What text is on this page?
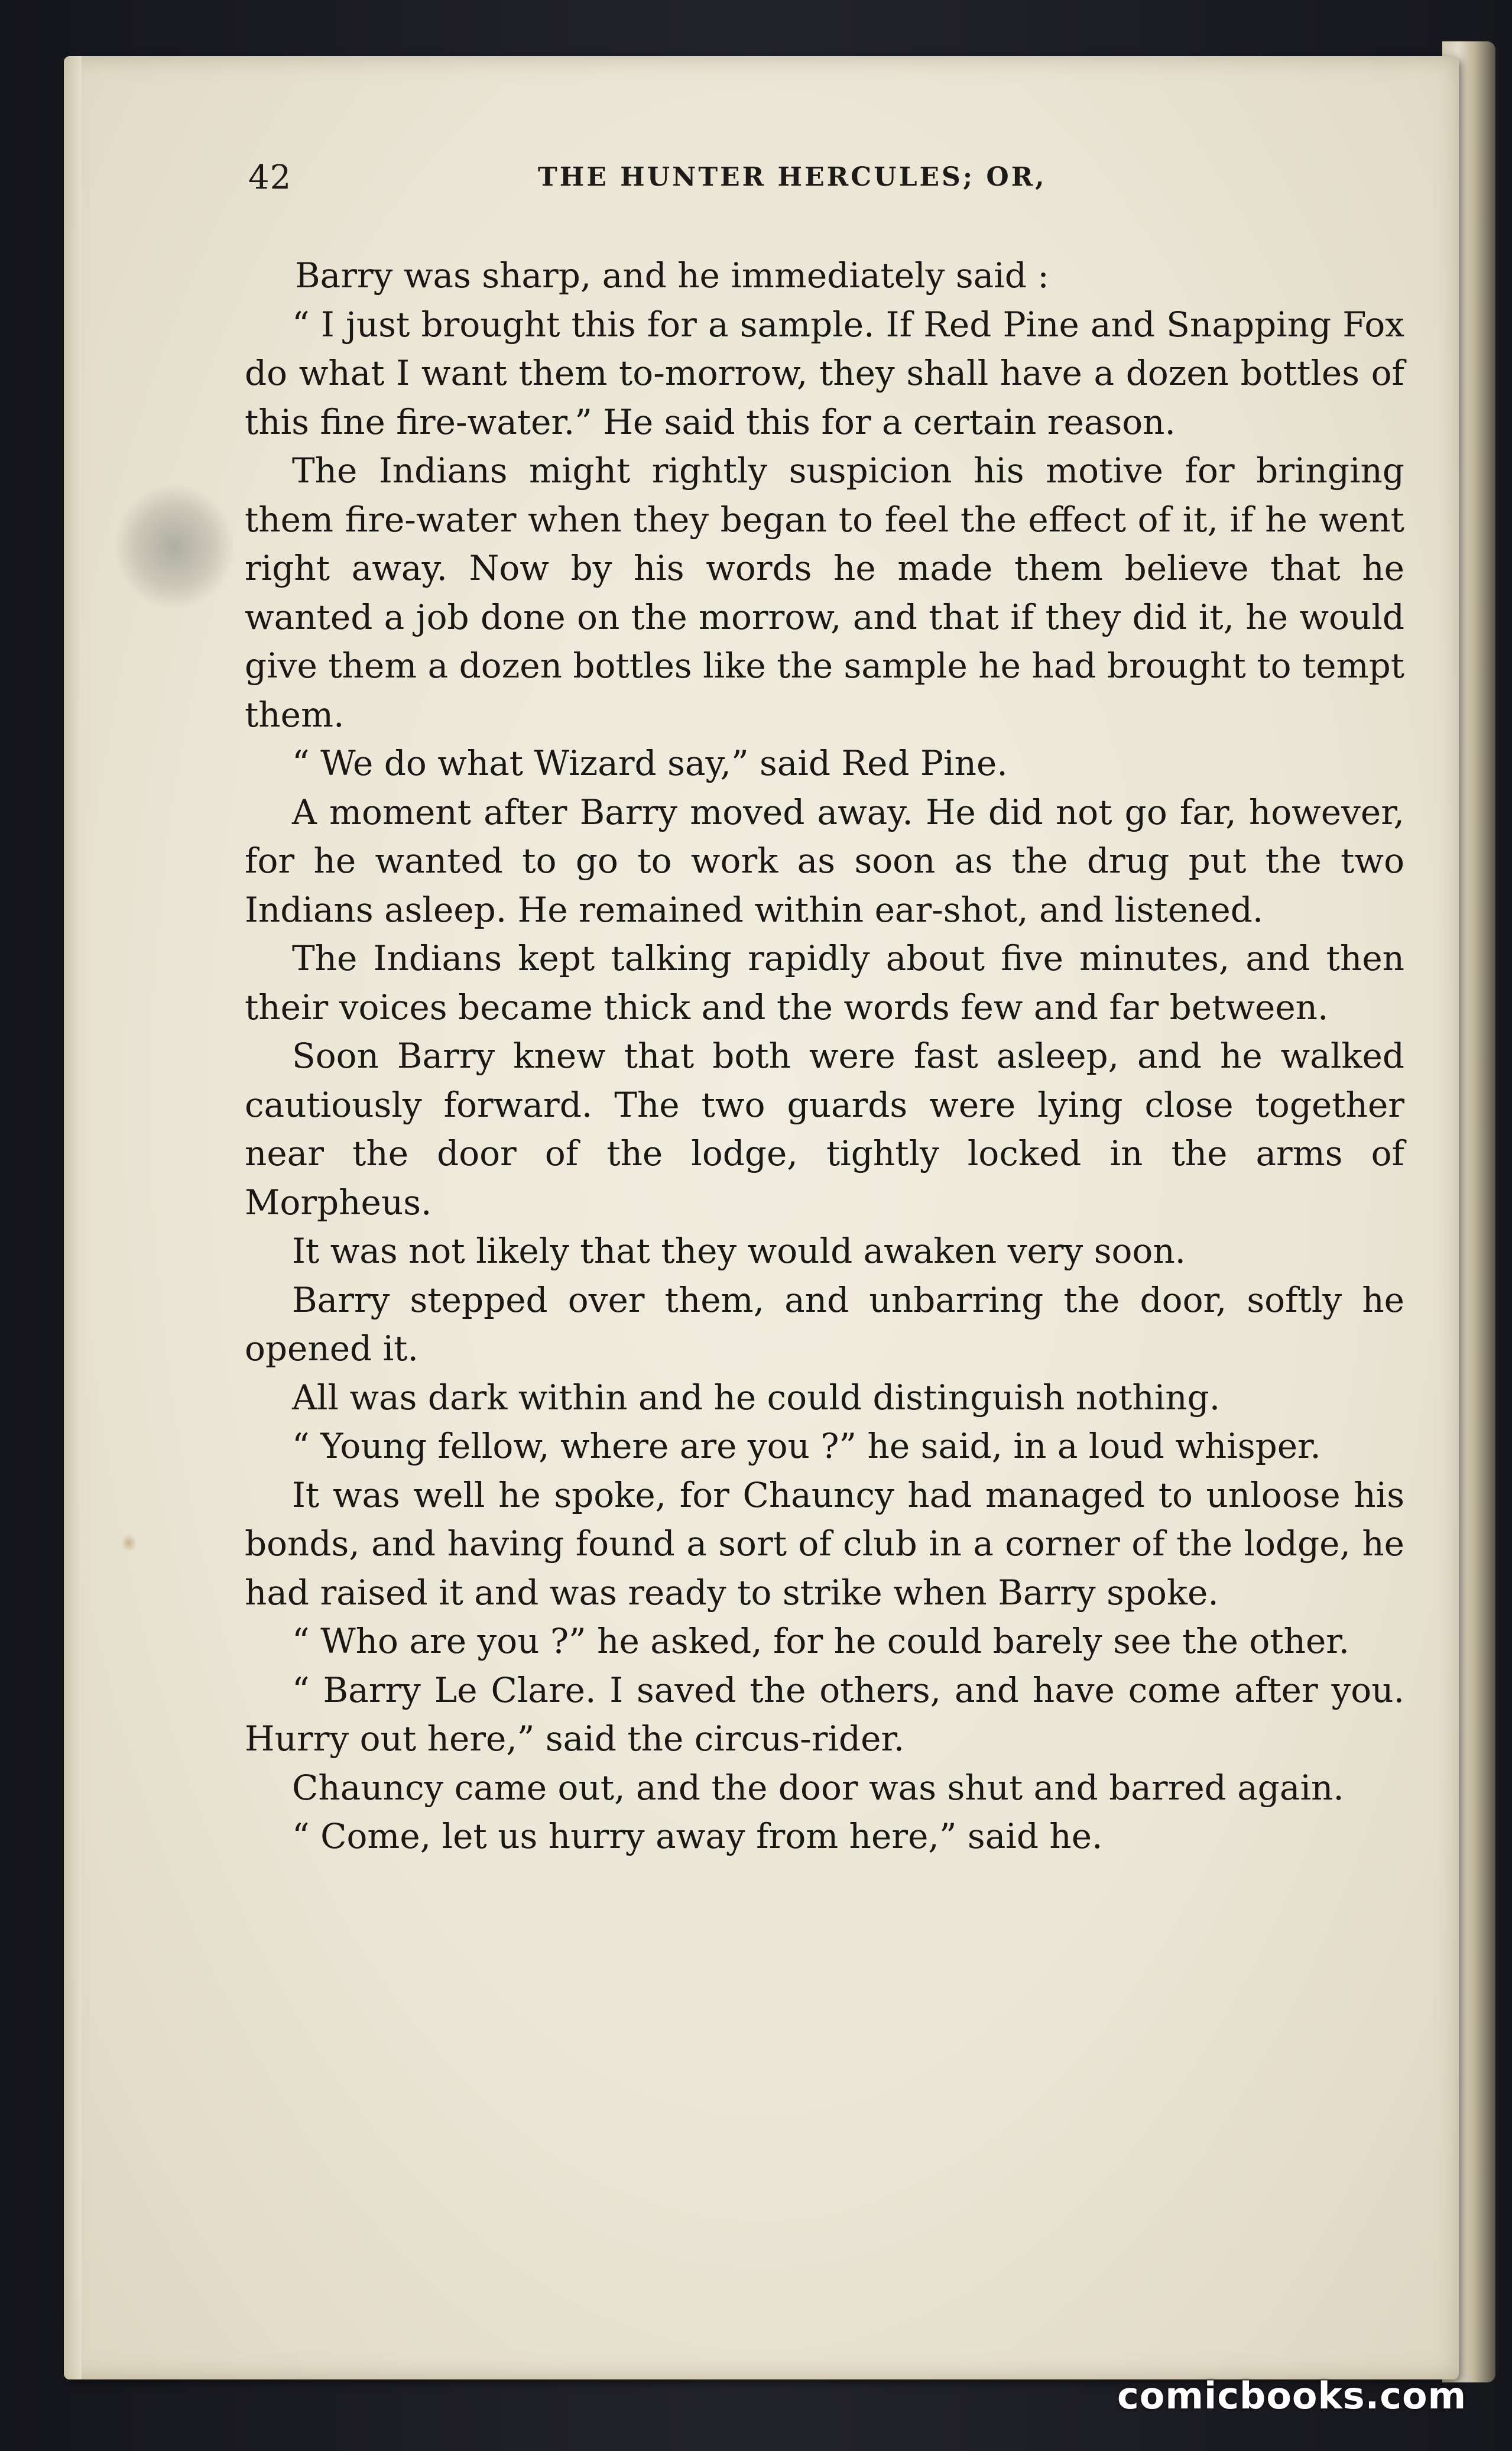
42	THE HUNTER HERCULES; OR,

Barry was sharp, and he immediately said :

“ I just brought this for a sample. If Red Pine and Snapping Fox do what I want them to-morrow, they shall have a dozen bottles of this fine fire-water.” He said this for a certain reason.

The Indians might rightly suspicion his motive for bringing them fire-water when they began to feel the effect of it, if he went right away. Now by his words he made them believe that he wanted a job done on the morrow, and that if they did it, he would give them a dozen bottles like the sample he had brought to tempt them.

“ We do what Wizard say,” said Red Pine.

A moment after Barry moved away. He did not go far, however, for he wanted to go to work as soon as the drug put the two Indians asleep. He remained within ear-shot, and listened.

The Indians kept talking rapidly about five minutes, and then their voices became thick and the words few and far between.

Soon Barry knew that both were fast asleep, and he walked cautiously forward. The two guards were lying close together near the door of the lodge, tightly locked in the arms of Morpheus.

It was not likely that they would awaken very soon.

Barry stepped over them, and unbarring the door, softly he opened it.

All was dark within and he could distinguish nothing.

“ Young fellow, where are you ?” he said, in a loud whisper.

It was well he spoke, for Chauncy had managed to unloose his bonds, and having found a sort of club in a corner of the lodge, he had raised it and was ready to strike when Barry spoke.

“ Who are you ?” he asked, for he could barely see the other.

“ Barry Le Clare. I saved the others, and have come after you. Hurry out here,” said the circus-rider.

Chauncy came out, and the door was shut and barred again.

“ Come, let us hurry away from here,” said he.

comicbooks.com
